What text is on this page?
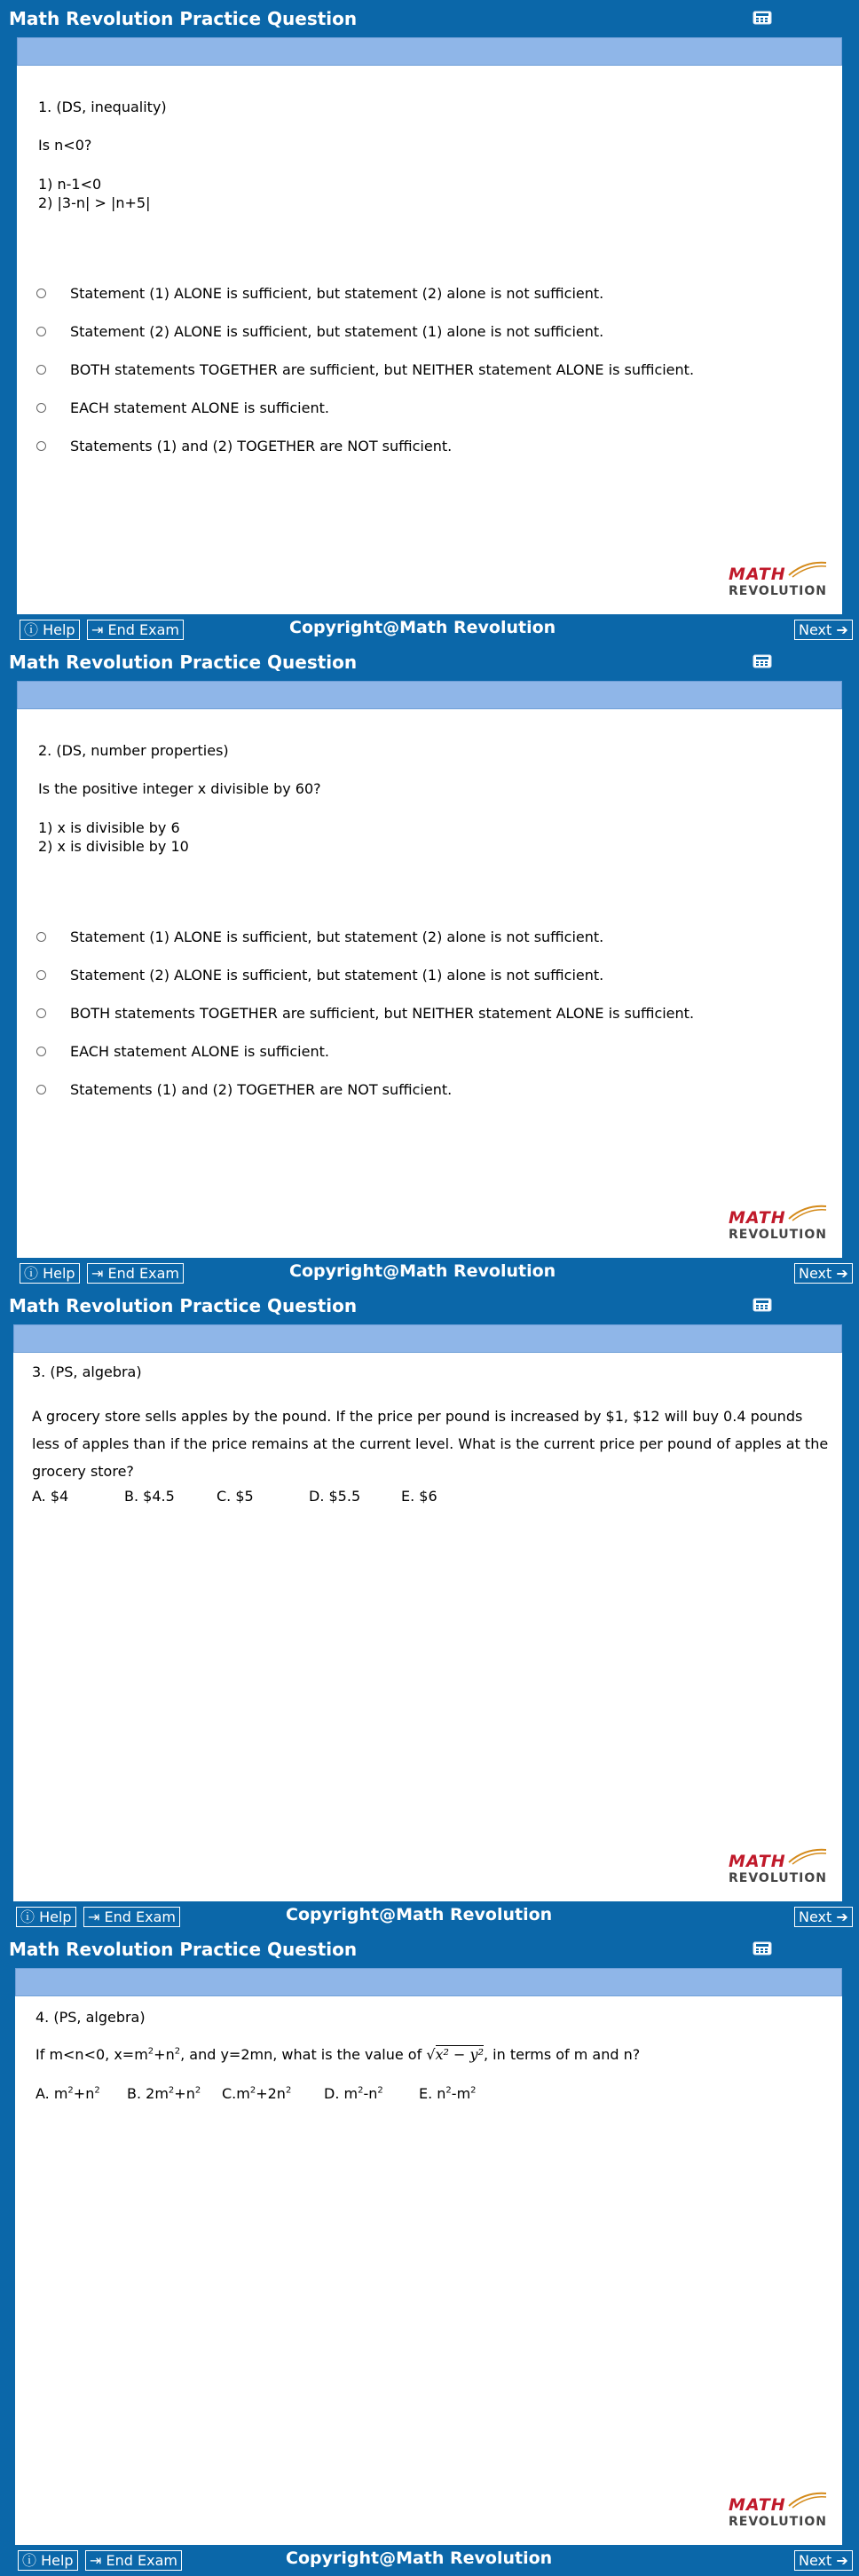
Math Revolution Practice Question
1. (DS, inequality)
Is n<0?
1) n-1<0
2) |3-n| > |n+5|
Statement (1) ALONE is sufficient, but statement (2) alone is not sufficient.
Statement (2) ALONE is sufficient, but statement (1) alone is not sufficient.
BOTH statements TOGETHER are sufficient, but NEITHER statement ALONE is sufficient.
EACH statement ALONE is sufficient.
Statements (1) and (2) TOGETHER are NOT sufficient.
MATH
REVOLUTION
ⓘ Help	⇥ End Exam	Copyright@Math Revolution	Next ➔
Math Revolution Practice Question
2. (DS, number properties)
Is the positive integer x divisible by 60?
1) x is divisible by 6
2) x is divisible by 10
Statement (1) ALONE is sufficient, but statement (2) alone is not sufficient.
Statement (2) ALONE is sufficient, but statement (1) alone is not sufficient.
BOTH statements TOGETHER are sufficient, but NEITHER statement ALONE is sufficient.
EACH statement ALONE is sufficient.
Statements (1) and (2) TOGETHER are NOT sufficient.
MATH
REVOLUTION
ⓘ Help	⇥ End Exam	Copyright@Math Revolution	Next ➔
Math Revolution Practice Question
3. (PS, algebra)
A grocery store sells apples by the pound. If the price per pound is increased by $1, $12 will buy 0.4 pounds less of apples than if the price remains at the current level. What is the current price per pound of apples at the grocery store?
A. $4	B. $4.5	C. $5	D. $5.5	E. $6
MATH
REVOLUTION
ⓘ Help	⇥ End Exam	Copyright@Math Revolution	Next ➔
Math Revolution Practice Question
4. (PS, algebra)
If m<n<0, $x=m^2+n^2$, and y=2mn, what is the value of √x² − y², in terms of m and n?
A. $m^2+n^2$ B. $2m^2+n^2$ $C.m^2+2n^2$ D. $m^2-n^2$	E. $n^2-m^2$
MATH
REVOLUTION
ⓘ Help	⇥ End Exam	Copyright@Math Revolution	Next ➔
